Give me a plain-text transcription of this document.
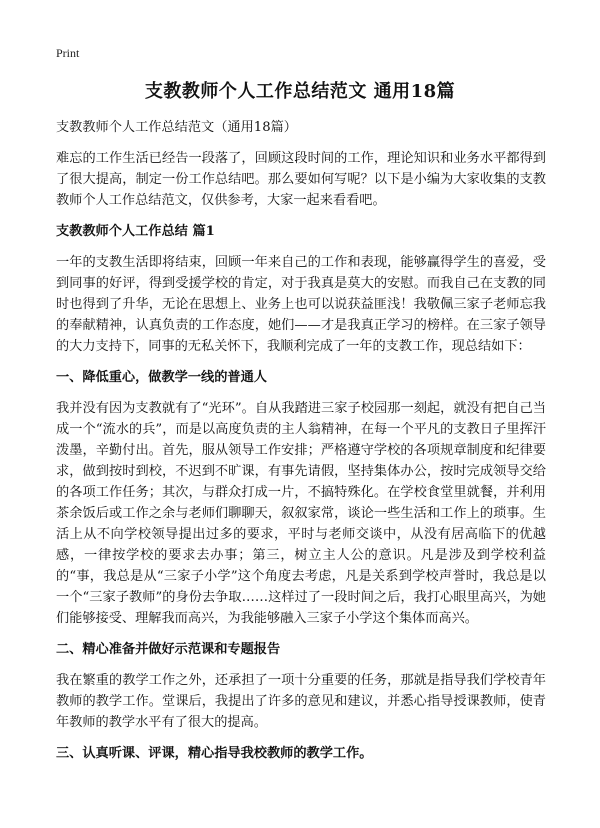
Print
支教教师个人工作总结范文 通用18篇
支教教师个人工作总结范文（通用18篇）

难忘的工作生活已经告一段落了，回顾这段时间的工作，理论知识和业务水平都得到了很大提高，制定一份工作总结吧。那么要如何写呢？以下是小编为大家收集的支教教师个人工作总结范文，仅供参考，大家一起来看看吧。

支教教师个人工作总结 篇1

一年的支教生活即将结束，回顾一年来自己的工作和表现，能够赢得学生的喜爱，受到同事的好评，得到受援学校的肯定，对于我真是莫大的安慰。而我自己在支教的同时也得到了升华，无论在思想上、业务上也可以说获益匪浅！我敬佩三家子老师忘我的奉献精神，认真负责的工作态度，她们——才是我真正学习的榜样。在三家子领导的大力支持下，同事的无私关怀下，我顺利完成了一年的支教工作，现总结如下：

一、降低重心，做教学一线的普通人

我并没有因为支教就有了“光环”。自从我踏进三家子校园那一刻起，就没有把自己当成一个“流水的兵”，而是以高度负责的主人翁精神，在每一个平凡的支教日子里挥汗泼墨，辛勤付出。首先，服从领导工作安排；严格遵守学校的各项规章制度和纪律要求，做到按时到校，不迟到不旷课，有事先请假，坚持集体办公，按时完成领导交给的各项工作任务；其次，与群众打成一片，不搞特殊化。在学校食堂里就餐，并利用茶余饭后或工作之余与老师们聊聊天，叙叙家常，谈论一些生活和工作上的琐事。生活上从不向学校领导提出过多的要求，平时与老师交谈中，从没有居高临下的优越感，一律按学校的要求去办事；第三，树立主人公的意识。凡是涉及到学校利益的“事，我总是从“三家子小学”这个角度去考虑，凡是关系到学校声誉时，我总是以一个“三家子教师”的身份去争取……这样过了一段时间之后，我打心眼里高兴，为她们能够接受、理解我而高兴，为我能够融入三家子小学这个集体而高兴。

二、精心准备并做好示范课和专题报告

我在繁重的教学工作之外，还承担了一项十分重要的任务，那就是指导我们学校青年教师的教学工作。堂课后，我提出了许多的意见和建议，并悉心指导授课教师，使青年教师的教学水平有了很大的提高。

三、认真听课、评课，精心指导我校教师的教学工作。
